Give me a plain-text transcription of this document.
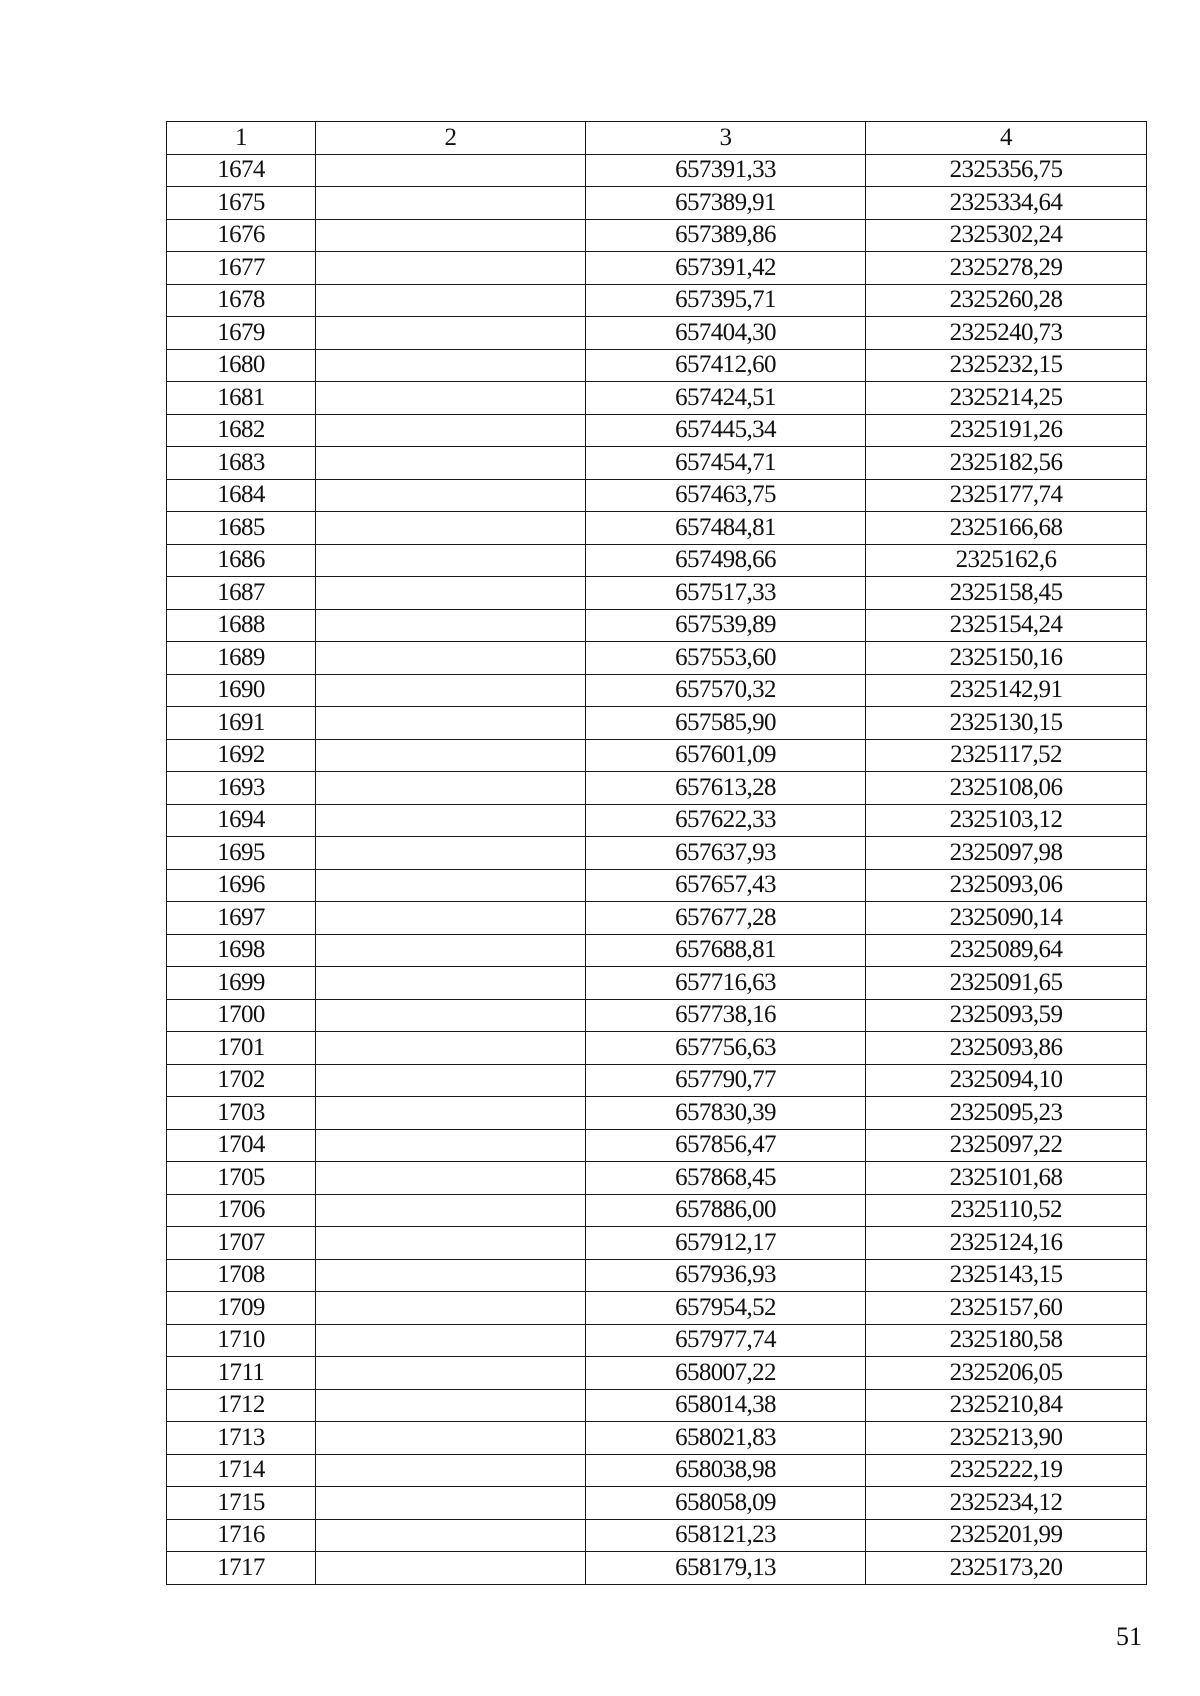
1	2	3	4
1674		657391,33	2325356,75
1675		657389,91	2325334,64
1676		657389,86	2325302,24
1677		657391,42	2325278,29
1678		657395,71	2325260,28
1679		657404,30	2325240,73
1680		657412,60	2325232,15
1681		657424,51	2325214,25
1682		657445,34	2325191,26
1683		657454,71	2325182,56
1684		657463,75	2325177,74
1685		657484,81	2325166,68
1686		657498,66	2325162,6
1687		657517,33	2325158,45
1688		657539,89	2325154,24
1689		657553,60	2325150,16
1690		657570,32	2325142,91
1691		657585,90	2325130,15
1692		657601,09	2325117,52
1693		657613,28	2325108,06
1694		657622,33	2325103,12
1695		657637,93	2325097,98
1696		657657,43	2325093,06
1697		657677,28	2325090,14
1698		657688,81	2325089,64
1699		657716,63	2325091,65
1700		657738,16	2325093,59
1701		657756,63	2325093,86
1702		657790,77	2325094,10
1703		657830,39	2325095,23
1704		657856,47	2325097,22
1705		657868,45	2325101,68
1706		657886,00	2325110,52
1707		657912,17	2325124,16
1708		657936,93	2325143,15
1709		657954,52	2325157,60
1710		657977,74	2325180,58
1711		658007,22	2325206,05
1712		658014,38	2325210,84
1713		658021,83	2325213,90
1714		658038,98	2325222,19
1715		658058,09	2325234,12
1716		658121,23	2325201,99
1717		658179,13	2325173,20
51
